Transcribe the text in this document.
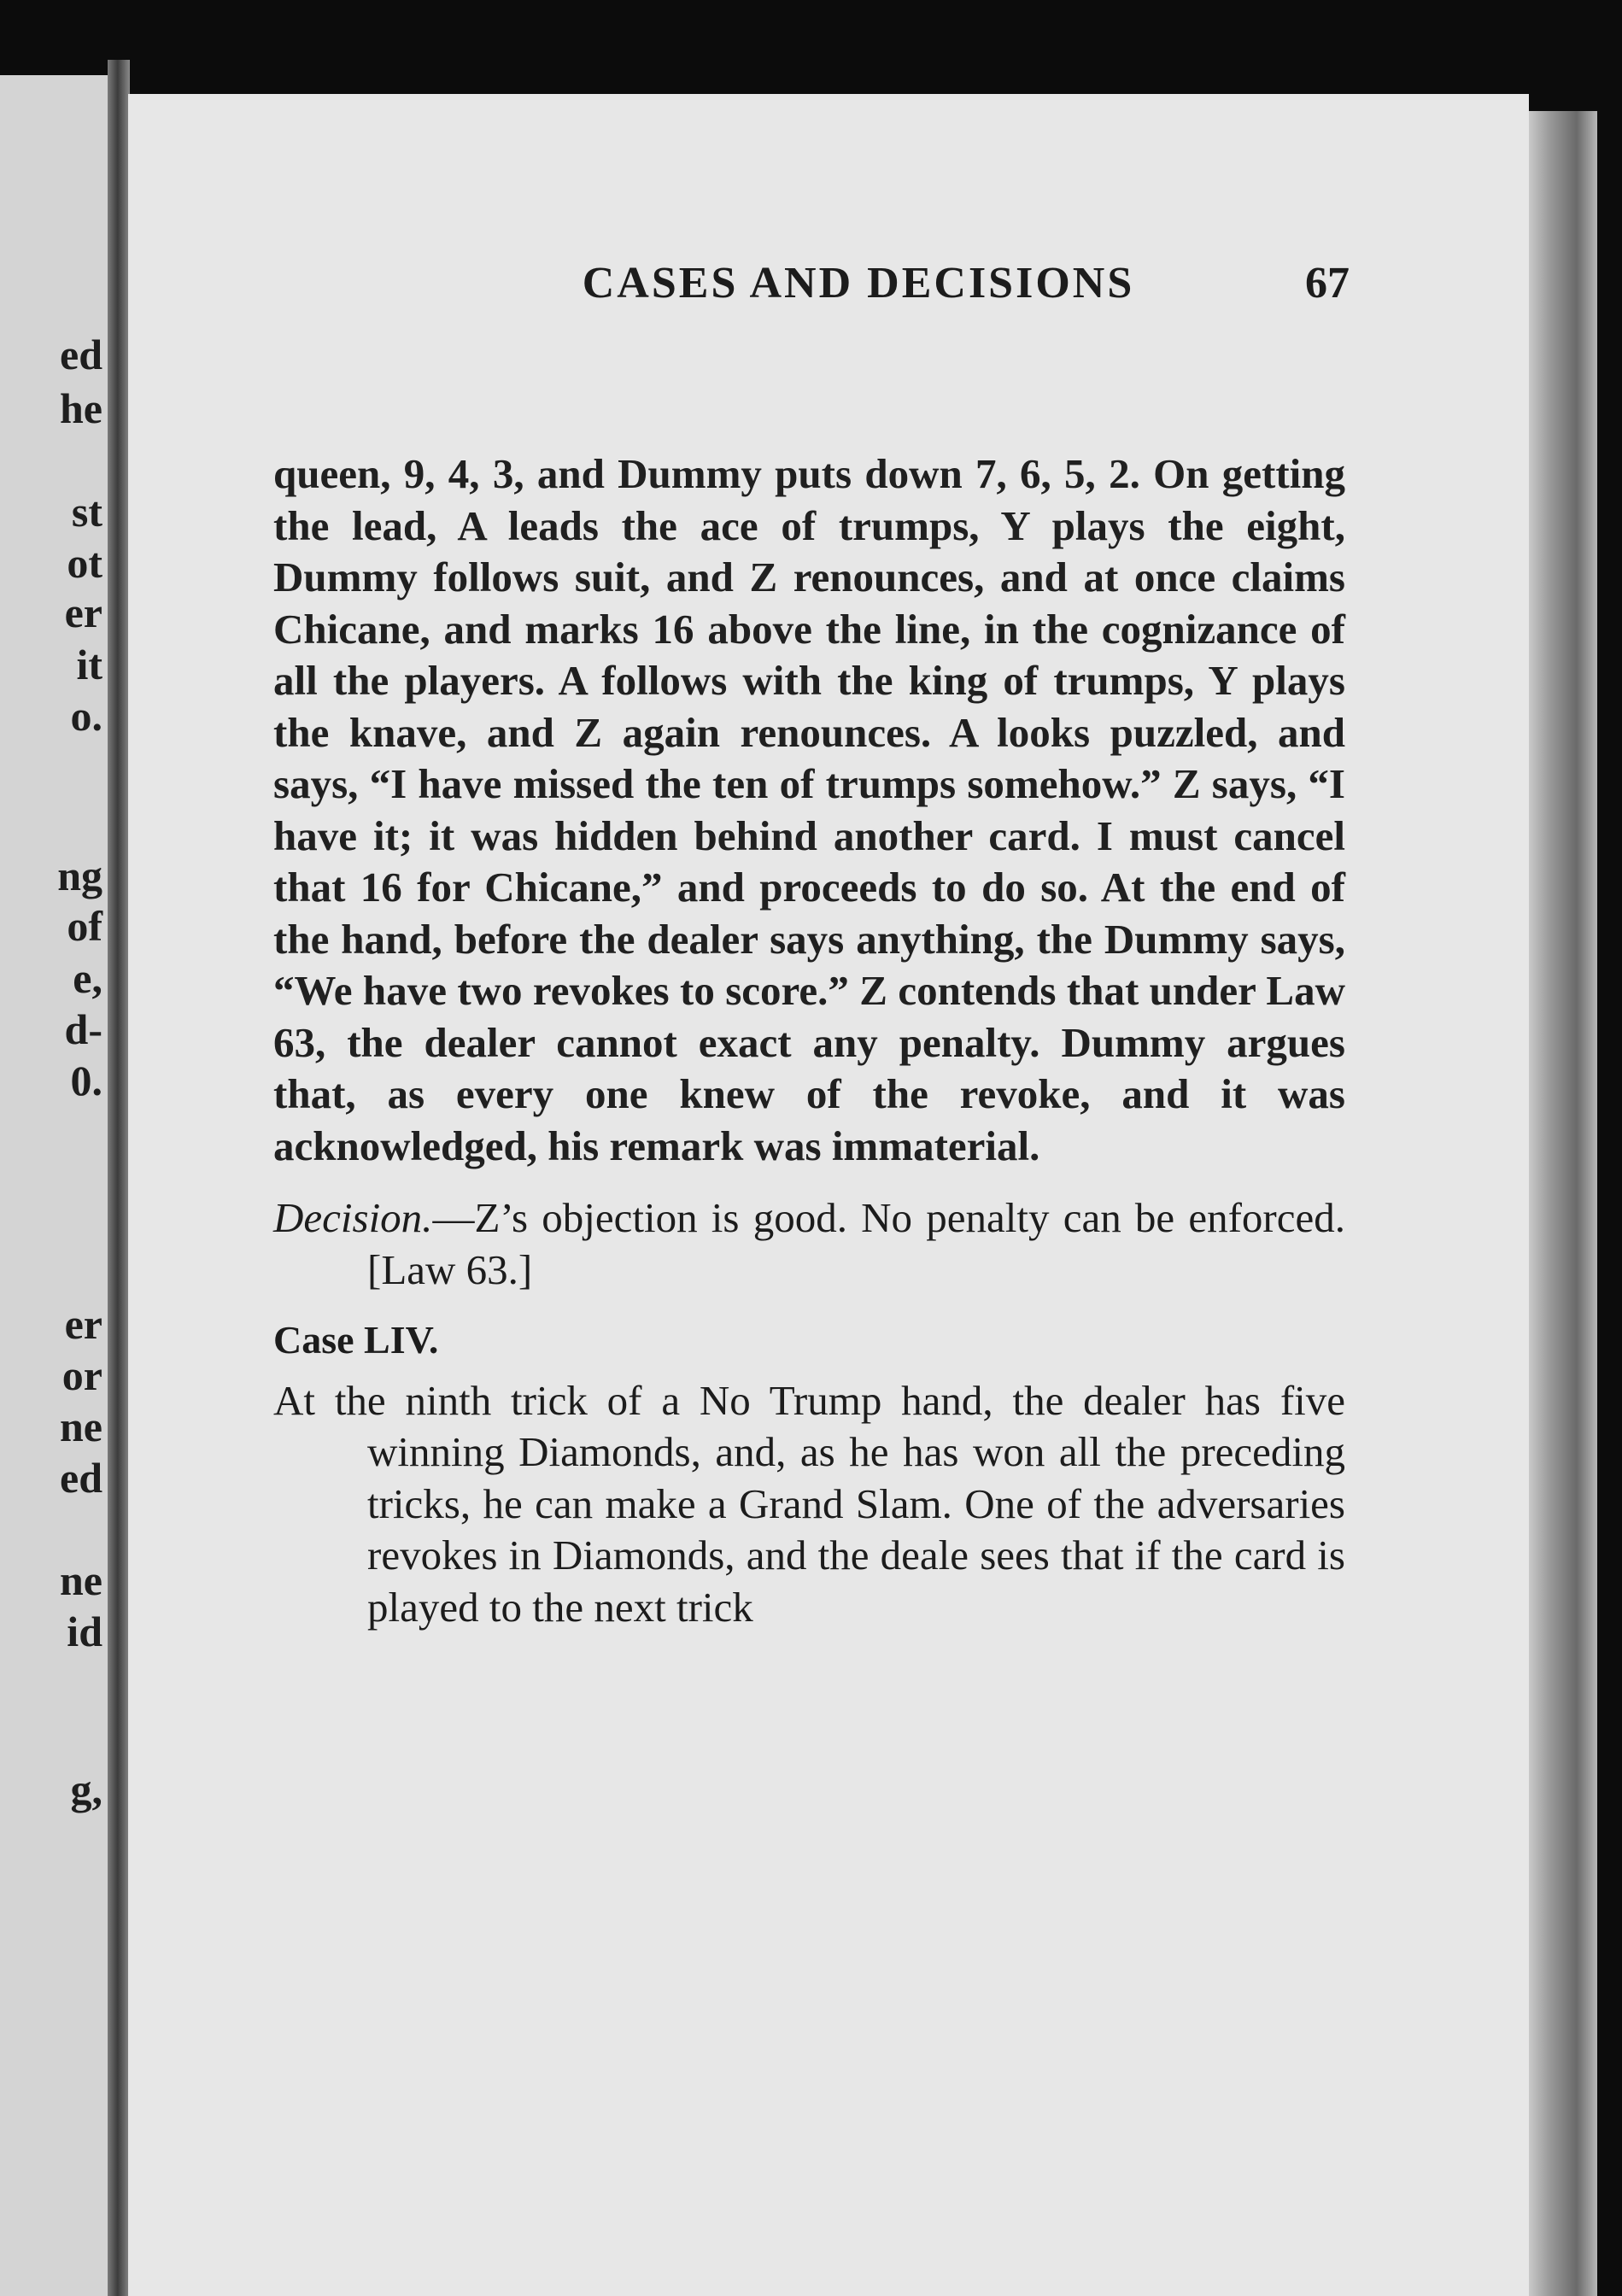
ed
he
st
ot
er
it
o.
ng
of
e,
d-
0.
er
or
ne
ed
ne
id
g,
CASES AND DECISIONS	67

queen, 9, 4, 3, and Dummy puts down 7, 6, 5, 2. On getting the lead, A leads the ace of trumps, Y plays the eight, Dummy follows suit, and Z renounces, and at once claims Chicane, and marks 16 above the line, in the cognizance of all the players. A follows with the king of trumps, Y plays the knave, and Z again renounces. A looks puzzled, and says, “I have missed the ten of trumps somehow.” Z says, “I have it; it was hidden behind another card. I must cancel that 16 for Chicane,” and proceeds to do so. At the end of the hand, before the dealer says anything, the Dummy says, “We have two revokes to score.” Z contends that under Law 63, the dealer cannot exact any penalty. Dummy argues that, as every one knew of the revoke, and it was acknowledged, his remark was immaterial.

Decision.—Z’s objection is good. No penalty can be enforced. [Law 63.]

Case LIV.

At the ninth trick of a No Trump hand, the dealer has five winning Diamonds, and, as he has won all the preceding tricks, he can make a Grand Slam. One of the adversaries revokes in Diamonds, and the deale sees that if the card is played to the next trick
